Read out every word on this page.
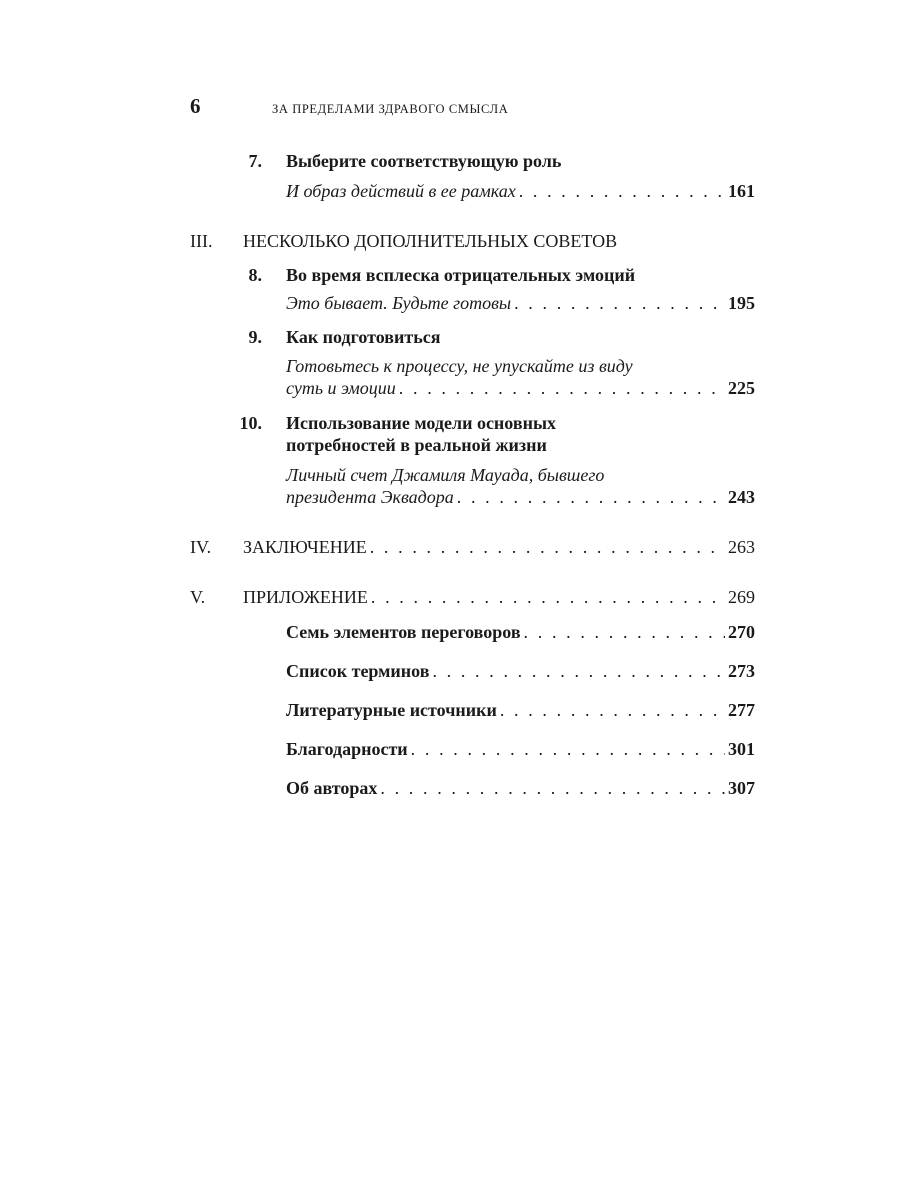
6	ЗА ПРЕДЕЛАМИ ЗДРАВОГО СМЫСЛА
7. Выберите соответствующую роль
И образ действий в ее рамках . . .	161
III. НЕСКОЛЬКО ДОПОЛНИТЕЛЬНЫХ СОВЕТОВ
8. Во время всплеска отрицательных эмоций
Это бывает. Будьте готовы . . .	195
9. Как подготовиться
Готовьтесь к процессу, не упускайте из виду
суть и эмоции . . .	225
10. Использование модели основных
потребностей в реальной жизни
Личный счет Джамиля Мауада, бывшего
президента Эквадора . . .	243
IV. ЗАКЛЮЧЕНИЕ . . .	263
V. ПРИЛОЖЕНИЕ . . .	269
Семь элементов переговоров . . .	270
Список терминов . . .	273
Литературные источники . . .	277
Благодарности . . .	301
Об авторах . . .	307
